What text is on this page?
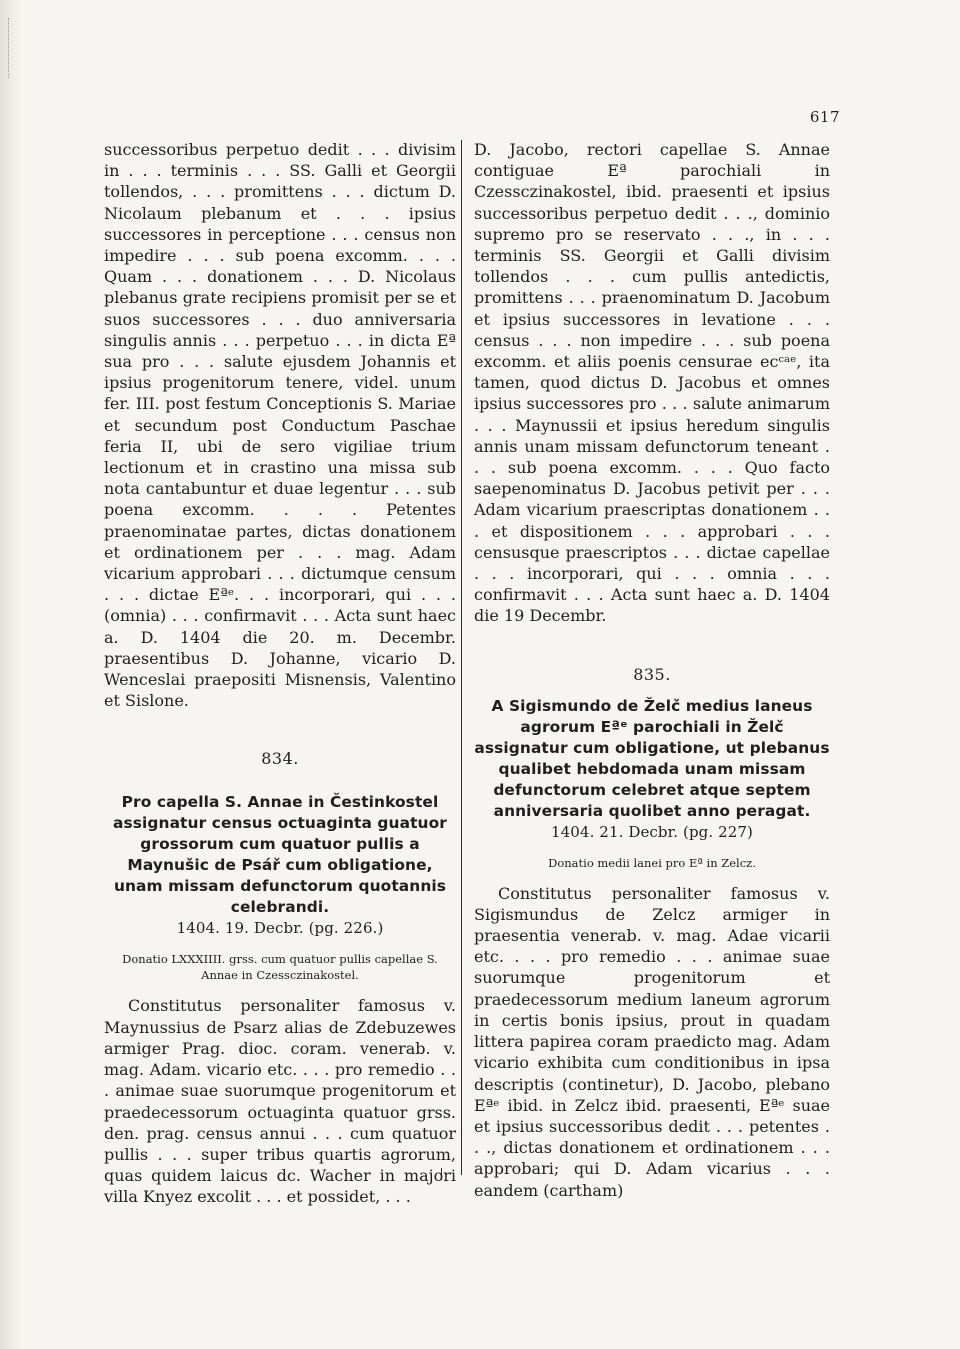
617

successoribus perpetuo dedit . . . divisim in . . . terminis . . . SS. Galli et Georgii tollendos, . . . promittens . . . dictum D. Nicolaum plebanum et . . . ipsius successores in perceptione . . . census non impedire . . . sub poena excomm. . . . Quam . . . donationem . . . D. Nicolaus plebanus grate recipiens promisit per se et suos successores . . . duo anniversaria singulis annis . . . perpetuo . . . in dicta Eª sua pro . . . salute ejusdem Johannis et ipsius progenitorum tenere, videl. unum fer. III. post festum Conceptionis S. Mariae et secundum post Conductum Paschae feria II, ubi de sero vigiliae trium lectionum et in crastino una missa sub nota cantabuntur et duae legentur . . . sub poena excomm. . . . Petentes praenominatae partes, dictas donationem et ordinationem per . . . mag. Adam vicarium approbari . . . dictumque censum . . . dictae Eªᵉ. . . incorporari, qui . . . (omnia) . . . confirmavit . . . Acta sunt haec a. D. 1404 die 20. m. Decembr. praesentibus D. Johanne, vicario D. Wenceslai praepositi Misnensis, Valentino et Sislone.

834.

Pro capella S. Annae in Čestinkostel assignatur census octuaginta guatuor grossorum cum quatuor pullis a Maynušic de Psář cum obligatione, unam missam defunctorum quotannis celebrandi.
1404. 19. Decbr. (pg. 226.)

Donatio LXXXIIII. grss. cum quatuor pullis capellae S. Annae in Czessczinakostel.

Constitutus personaliter famosus v. Maynussius de Psarz alias de Zdebuzewes armiger Prag. dioc. coram. venerab. v. mag. Adam. vicario etc. . . . pro remedio . . . animae suae suorumque progenitorum et praedecessorum octuaginta quatuor grss. den. prag. census annui . . . cum quatuor pullis . . . super tribus quartis agrorum, quas quidem laicus dc. Wacher in majori villa Knyez excolit . . . et possidet, . . .

D. Jacobo, rectori capellae S. Annae contiguae Eª parochiali in Czessczinakostel, ibid. praesenti et ipsius successoribus perpetuo dedit . . ., dominio supremo pro se reservato . . ., in . . . terminis SS. Georgii et Galli divisim tollendos . . . cum pullis antedictis, promittens . . . praenominatum D. Jacobum et ipsius successores in levatione . . . census . . . non impedire . . . sub poena excomm. et aliis poenis censurae ecᶜᵃᵉ, ita tamen, quod dictus D. Jacobus et omnes ipsius successores pro . . . salute animarum . . . Maynussii et ipsius heredum singulis annis unam missam defunctorum teneant . . . sub poena excomm. . . . Quo facto saepenominatus D. Jacobus petivit per . . . Adam vicarium praescriptas donationem . . . et dispositionem . . . approbari . . . censusque praescriptos . . . dictae capellae . . . incorporari, qui . . . omnia . . . confirmavit . . . Acta sunt haec a. D. 1404 die 19 Decembr.

835.

A Sigismundo de Želč medius laneus agrorum Eªᵉ parochiali in Želč assignatur cum obligatione, ut plebanus qualibet hebdomada unam missam defunctorum celebret atque septem anniversaria quolibet anno peragat.
1404. 21. Decbr. (pg. 227)

Donatio medii lanei pro Eª in Zelcz.

Constitutus personaliter famosus v. Sigismundus de Zelcz armiger in praesentia venerab. v. mag. Adae vicarii etc. . . . pro remedio . . . animae suae suorumque progenitorum et praedecessorum medium laneum agrorum in certis bonis ipsius, prout in quadam littera papirea coram praedicto mag. Adam vicario exhibita cum conditionibus in ipsa descriptis (continetur), D. Jacobo, plebano Eªᵉ ibid. in Zelcz ibid. praesenti, Eªᵉ suae et ipsius successoribus dedit . . . petentes . . ., dictas donationem et ordinationem . . . approbari; qui D. Adam vicarius . . . eandem (cartham)
